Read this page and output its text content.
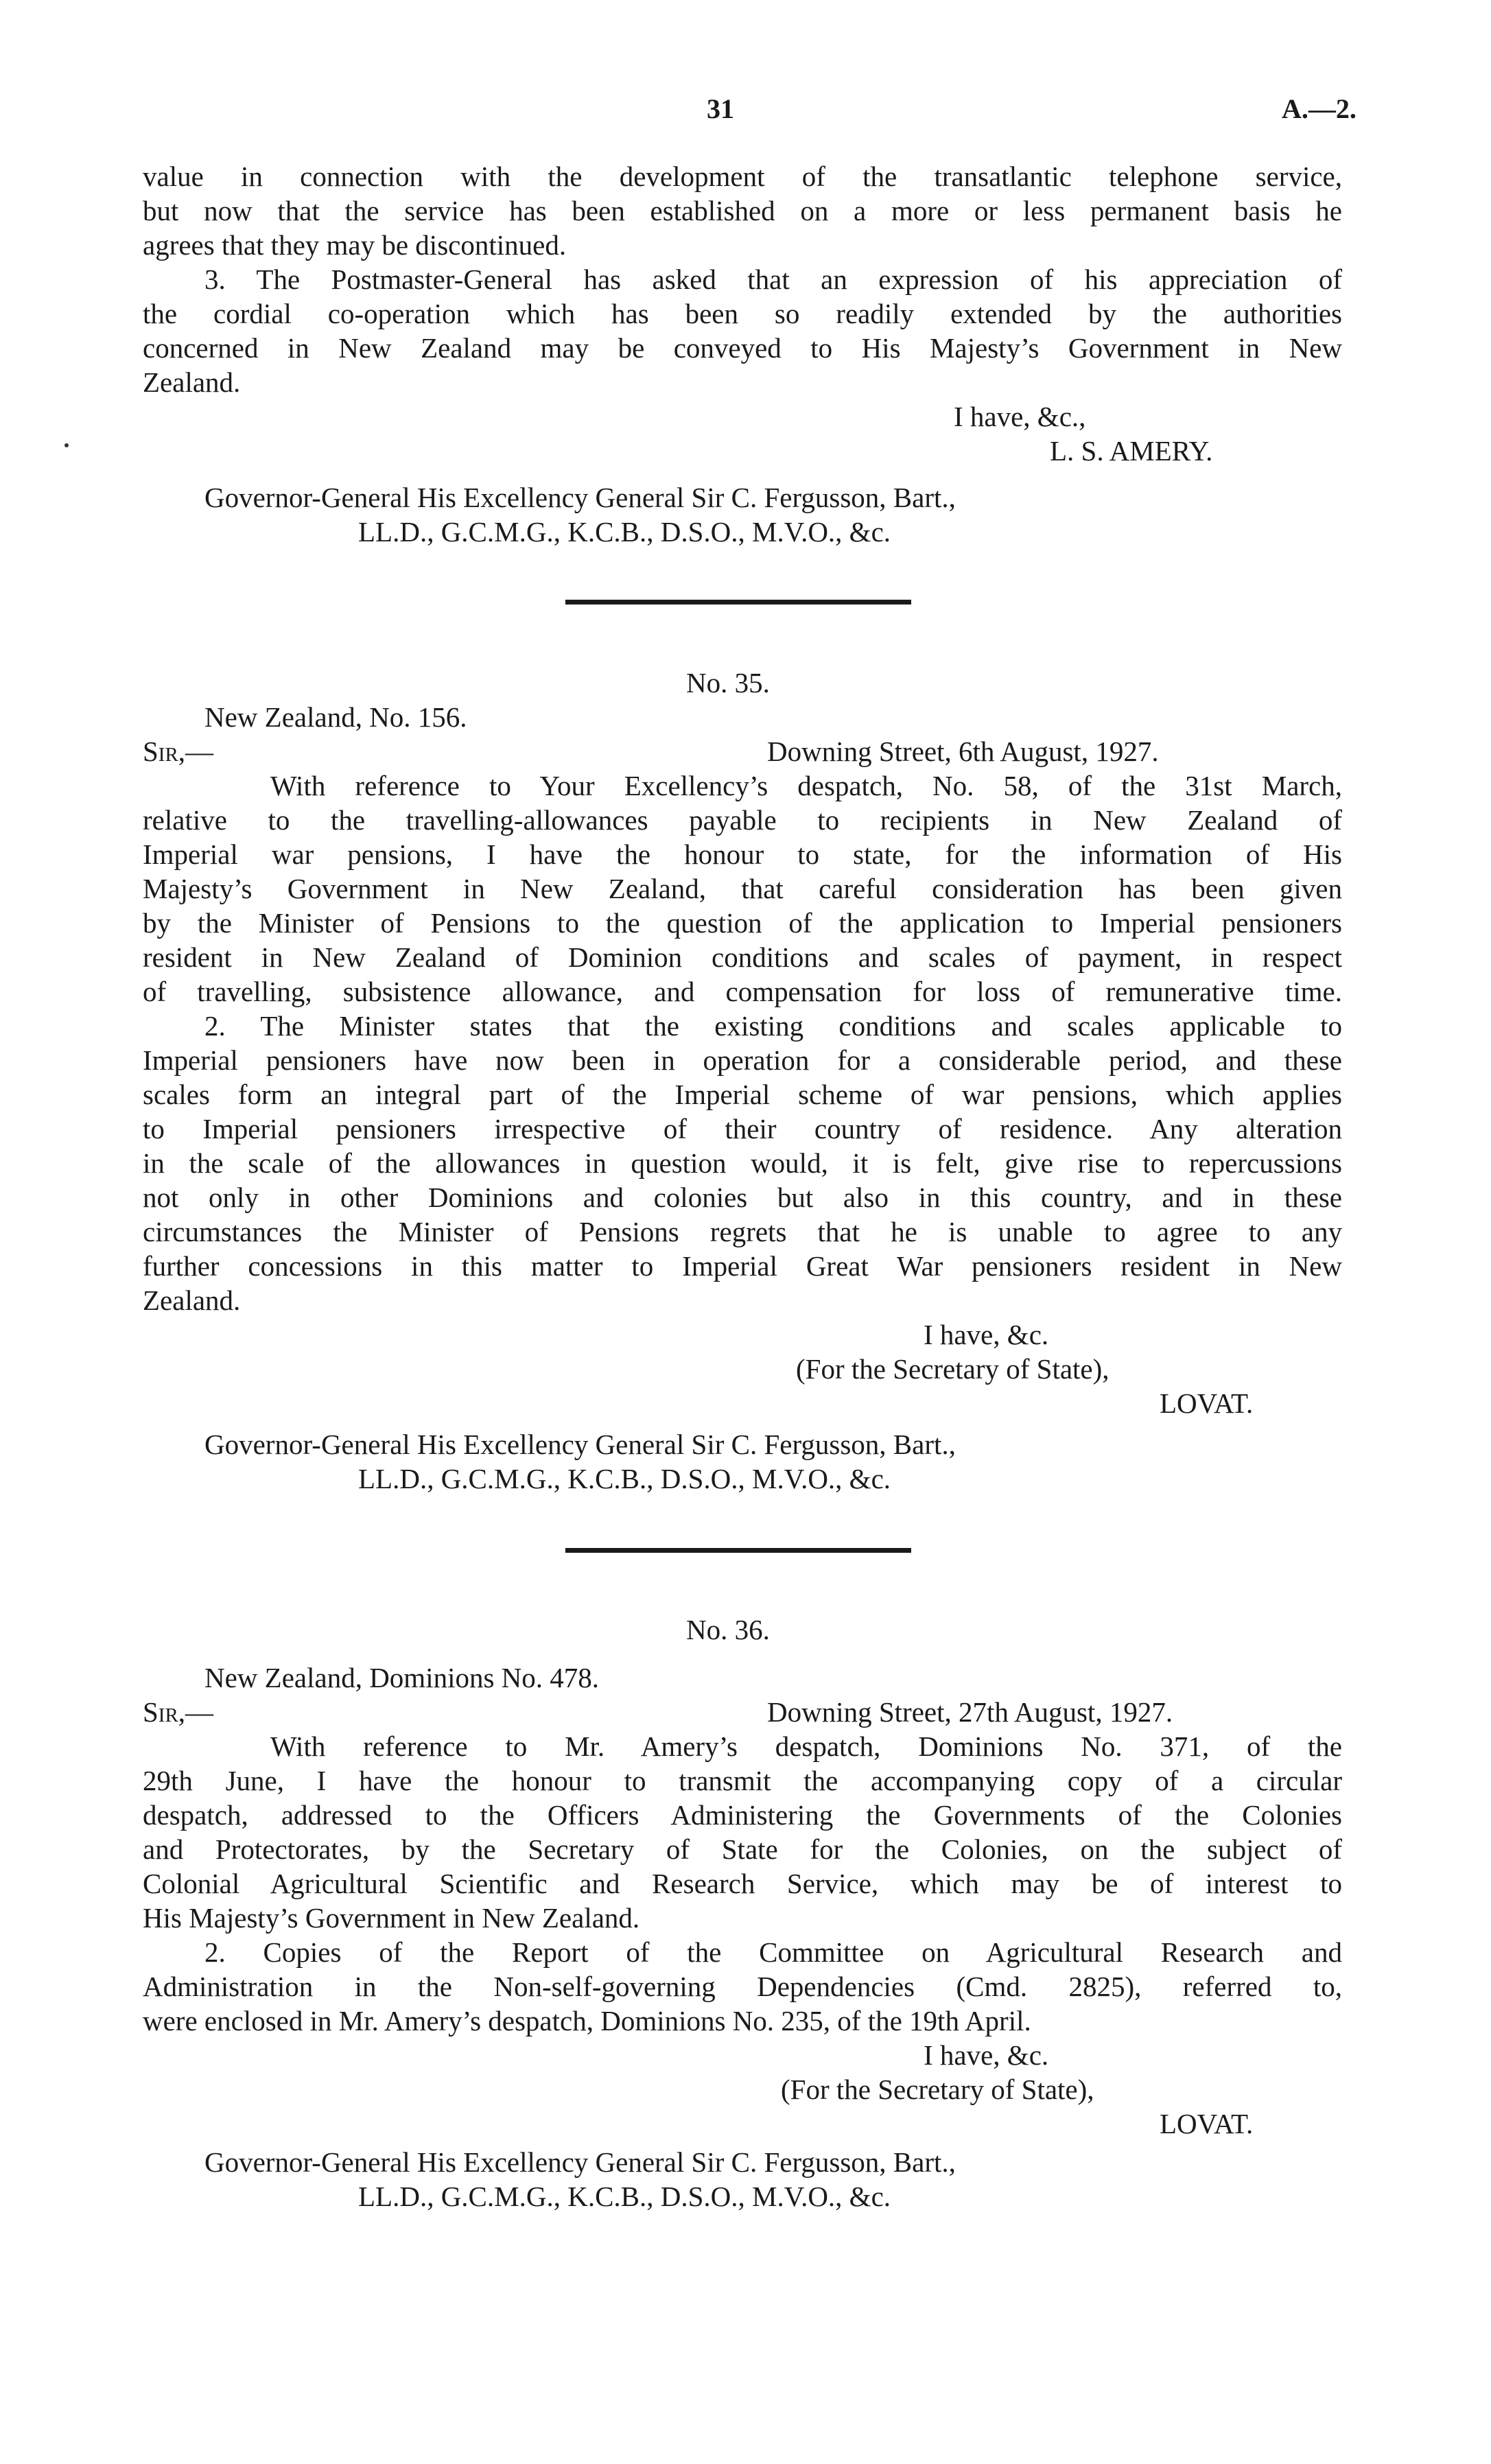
31	A.—2.
value in connection with the development of the transatlantic telephone service,
but now that the service has been established on a more or less permanent basis he
agrees that they may be discontinued.
3. The Postmaster-General has asked that an expression of his appreciation of
the cordial co-operation which has been so readily extended by the authorities
concerned in New Zealand may be conveyed to His Majesty’s Government in New
Zealand.
I have, &c.,
L. S. AMERY.
Governor-General His Excellency General Sir C. Fergusson, Bart.,
LL.D., G.C.M.G., K.C.B., D.S.O., M.V.O., &c.
No. 35.
New Zealand, No. 156.
Sir,—	Downing Street, 6th August, 1927.
With reference to Your Excellency’s despatch, No. 58, of the 31st March,
relative to the travelling-allowances payable to recipients in New Zealand of
Imperial war pensions, I have the honour to state, for the information of His
Majesty’s Government in New Zealand, that careful consideration has been given
by the Minister of Pensions to the question of the application to Imperial pensioners
resident in New Zealand of Dominion conditions and scales of payment, in respect
of travelling, subsistence allowance, and compensation for loss of remunerative time.
2. The Minister states that the existing conditions and scales applicable to
Imperial pensioners have now been in operation for a considerable period, and these
scales form an integral part of the Imperial scheme of war pensions, which applies
to Imperial pensioners irrespective of their country of residence. Any alteration
in the scale of the allowances in question would, it is felt, give rise to repercussions
not only in other Dominions and colonies but also in this country, and in these
circumstances the Minister of Pensions regrets that he is unable to agree to any
further concessions in this matter to Imperial Great War pensioners resident in New
Zealand.
I have, &c.
(For the Secretary of State),
LOVAT.
Governor-General His Excellency General Sir C. Fergusson, Bart.,
LL.D., G.C.M.G., K.C.B., D.S.O., M.V.O., &c.
No. 36.
New Zealand, Dominions No. 478.
Sir,—	Downing Street, 27th August, 1927.
With reference to Mr. Amery’s despatch, Dominions No. 371, of the
29th June, I have the honour to transmit the accompanying copy of a circular
despatch, addressed to the Officers Administering the Governments of the Colonies
and Protectorates, by the Secretary of State for the Colonies, on the subject of
Colonial Agricultural Scientific and Research Service, which may be of interest to
His Majesty’s Government in New Zealand.
2. Copies of the Report of the Committee on Agricultural Research and
Administration in the Non-self-governing Dependencies (Cmd. 2825), referred to,
were enclosed in Mr. Amery’s despatch, Dominions No. 235, of the 19th April.
I have, &c.
(For the Secretary of State),
LOVAT.
Governor-General His Excellency General Sir C. Fergusson, Bart.,
LL.D., G.C.M.G., K.C.B., D.S.O., M.V.O., &c.
